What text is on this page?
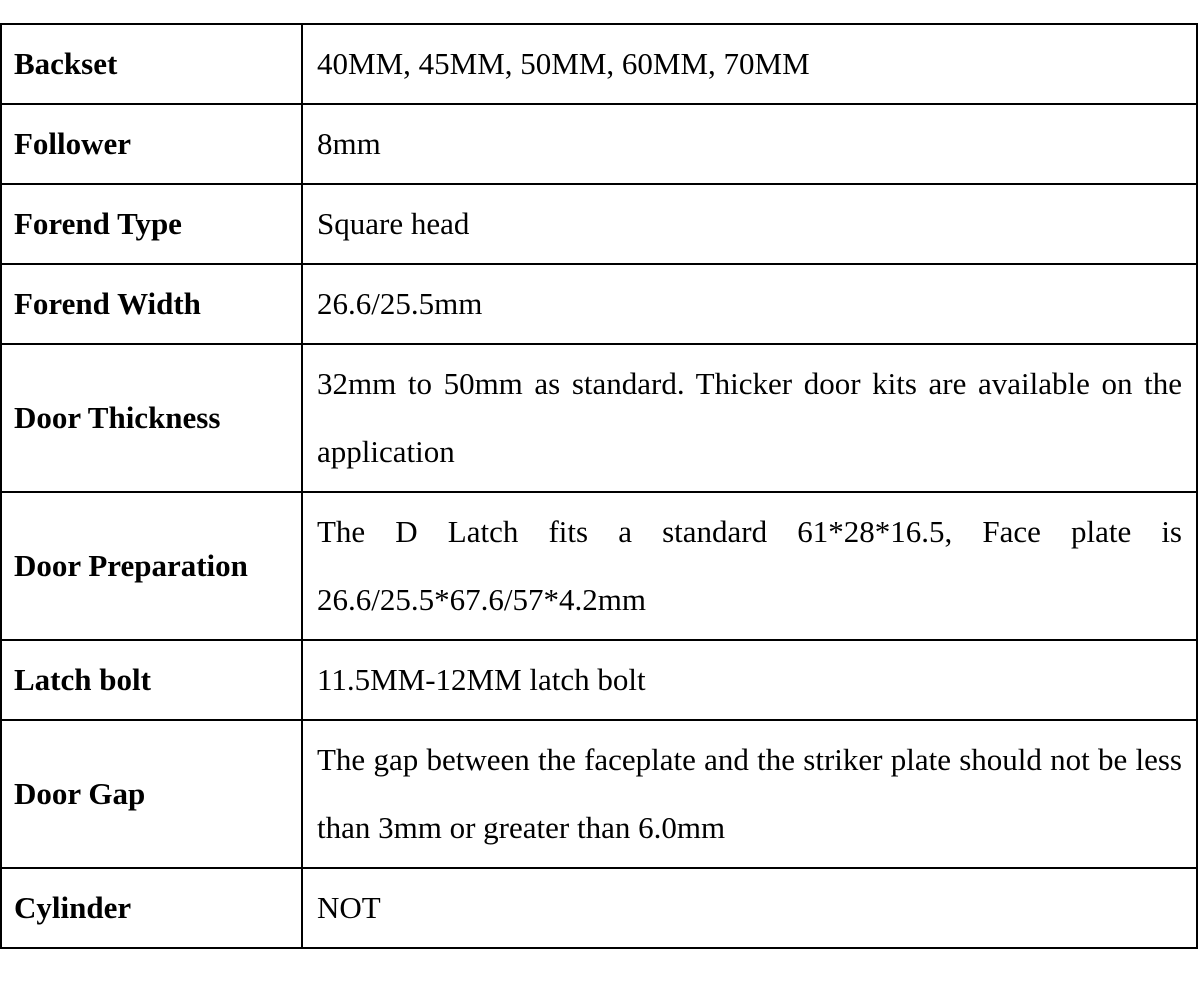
Backset	40MM, 45MM, 50MM, 60MM, 70MM
Follower	8mm
Forend Type	Square head
Forend Width	26.6/25.5mm
Door Thickness	32mm to 50mm as standard. Thicker door kits are available on the application
Door Preparation	The D Latch fits a standard 61*28*16.5, Face plate is 26.6/25.5*67.6/57*4.2mm
Latch bolt	11.5MM-12MM latch bolt
Door Gap	The gap between the faceplate and the striker plate should not be less than 3mm or greater than 6.0mm
Cylinder	NOT
